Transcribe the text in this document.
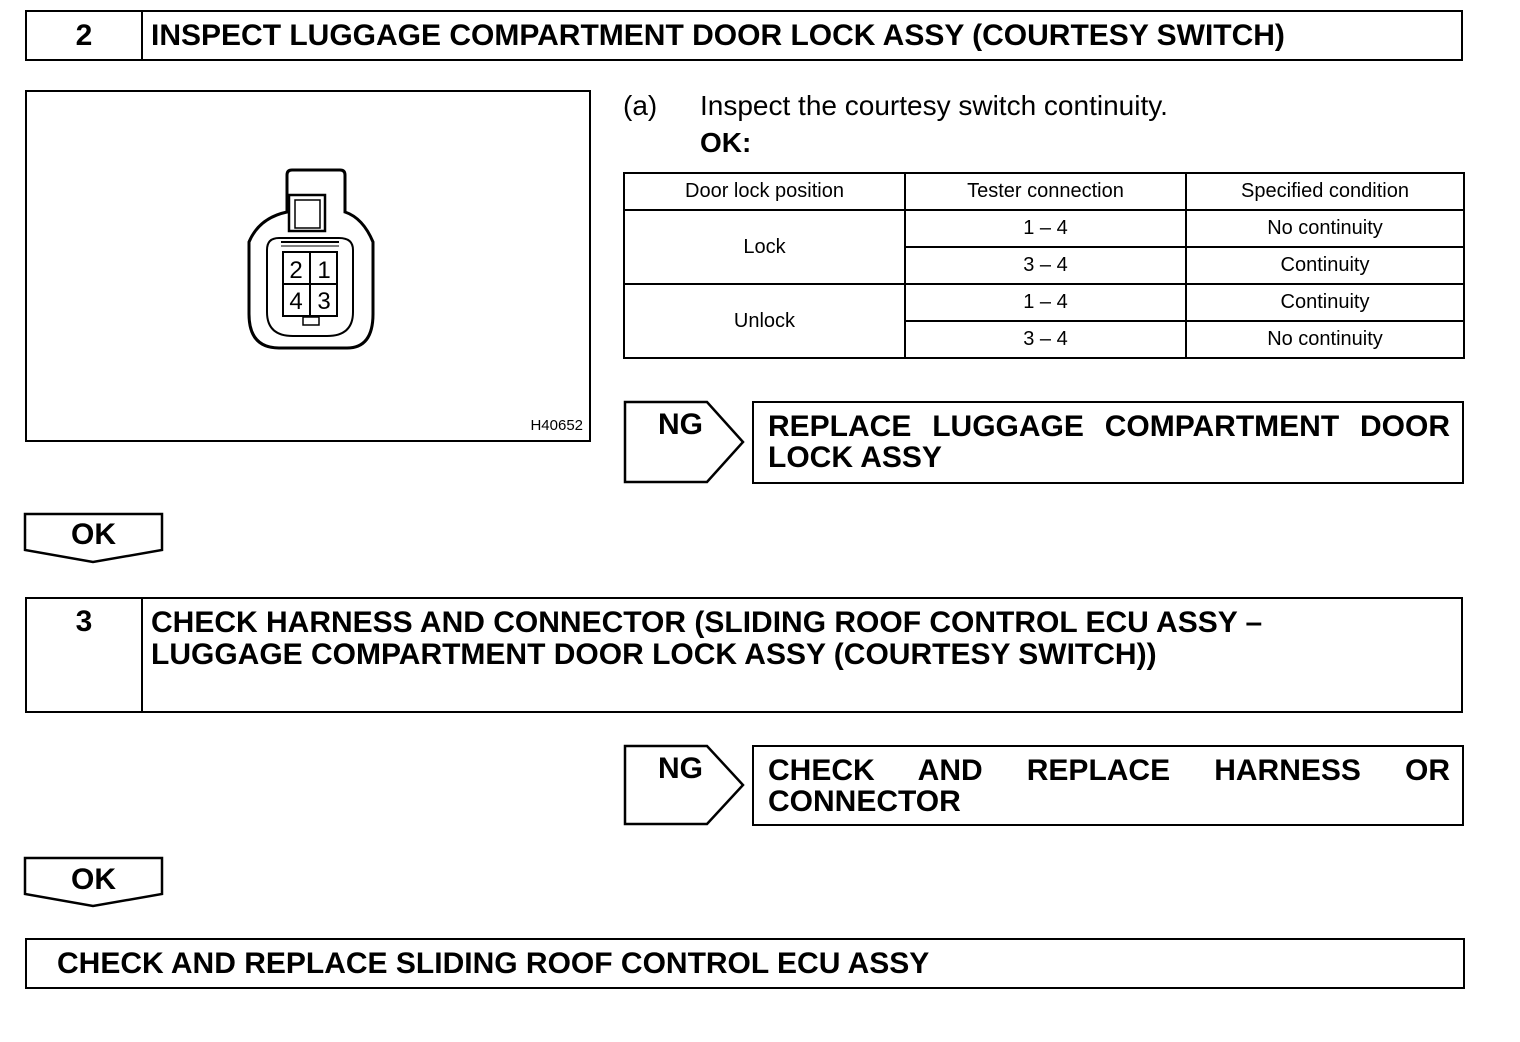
2	INSPECT LUGGAGE COMPARTMENT DOOR LOCK ASSY (COURTESY SWITCH)
2 1
4 3
H40652
(a) Inspect the courtesy switch continuity.
OK:
Door lock position	Tester connection	Specified condition
Lock	1 – 4	No continuity
	3 – 4	Continuity
Unlock	1 – 4	Continuity
	3 – 4	No continuity
NG	REPLACE LUGGAGE COMPARTMENT DOOR LOCK ASSY
OK
3	CHECK HARNESS AND CONNECTOR (SLIDING ROOF CONTROL ECU ASSY – LUGGAGE COMPARTMENT DOOR LOCK ASSY (COURTESY SWITCH))
NG	CHECK AND REPLACE HARNESS OR CONNECTOR
OK
CHECK AND REPLACE SLIDING ROOF CONTROL ECU ASSY
